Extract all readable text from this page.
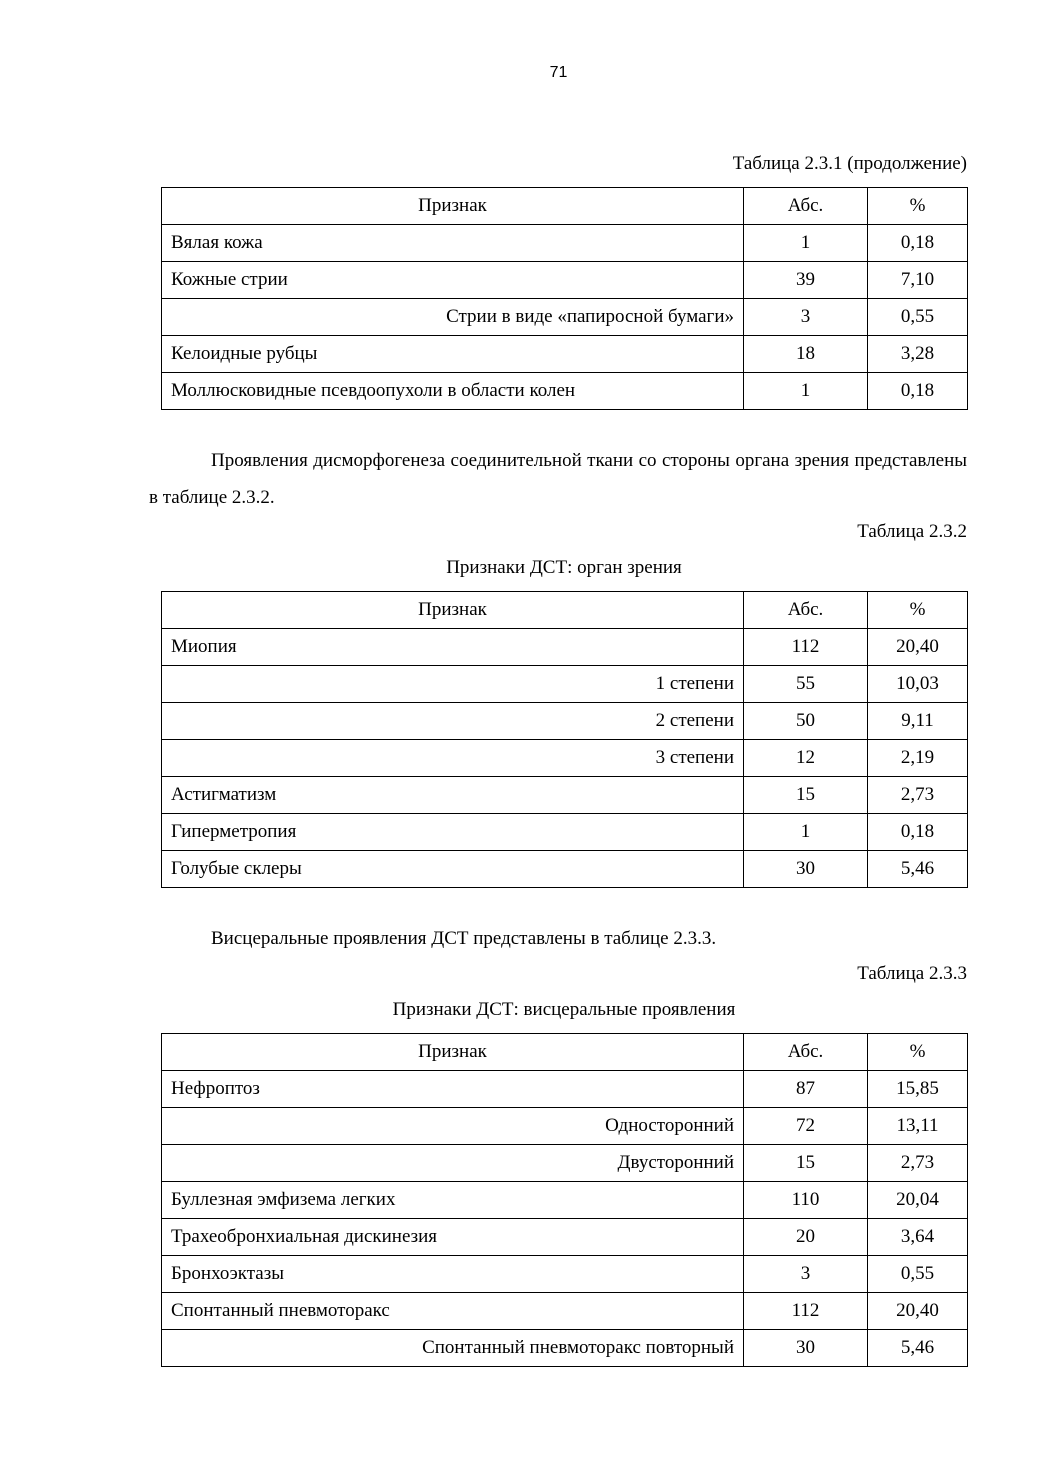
71
Таблица 2.3.1 (продолжение)
Признак	Абс.	%
Вялая кожа	1	0,18
Кожные стрии	39	7,10
Стрии в виде «папиросной бумаги»	3	0,55
Келоидные рубцы	18	3,28
Моллюсковидные псевдоопухоли в области колен	1	0,18
Проявления дисморфогенеза соединительной ткани со стороны органа зрения представлены в таблице 2.3.2.
Таблица 2.3.2
Признаки ДСТ: орган зрения
Признак	Абс.	%
Миопия	112	20,40
1 степени	55	10,03
2 степени	50	9,11
3 степени	12	2,19
Астигматизм	15	2,73
Гиперметропия	1	0,18
Голубые склеры	30	5,46
Висцеральные проявления ДСТ представлены в таблице 2.3.3.
Таблица 2.3.3
Признаки ДСТ: висцеральные проявления
Признак	Абс.	%
Нефроптоз	87	15,85
Односторонний	72	13,11
Двусторонний	15	2,73
Буллезная эмфизема легких	110	20,04
Трахеобронхиальная дискинезия	20	3,64
Бронхоэктазы	3	0,55
Спонтанный пневмоторакс	112	20,40
Спонтанный пневмоторакс повторный	30	5,46
